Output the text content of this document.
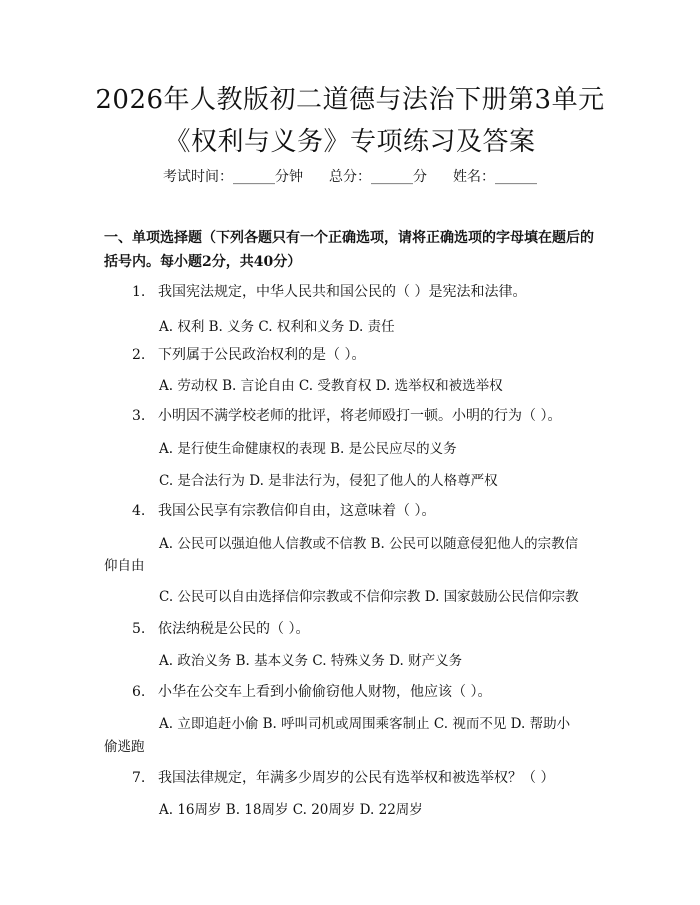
2026年人教版初二道德与法治下册第3单元
《权利与义务》专项练习及答案
考试时间：______分钟 总分：______分 姓名：______
一、单项选择题（下列各题只有一个正确选项，请将正确选项的字母填在题后的
括号内。每小题2分，共40分）
1. 我国宪法规定，中华人民共和国公民的（ ）是宪法和法律。
A. 权利 B. 义务 C. 权利和义务 D. 责任
2. 下列属于公民政治权利的是（ ）。
A. 劳动权 B. 言论自由 C. 受教育权 D. 选举权和被选举权
3. 小明因不满学校老师的批评，将老师殴打一顿。小明的行为（ ）。
A. 是行使生命健康权的表现 B. 是公民应尽的义务
C. 是合法行为 D. 是非法行为，侵犯了他人的人格尊严权
4. 我国公民享有宗教信仰自由，这意味着（ ）。
A. 公民可以强迫他人信教或不信教 B. 公民可以随意侵犯他人的宗教信
仰自由
C. 公民可以自由选择信仰宗教或不信仰宗教 D. 国家鼓励公民信仰宗教
5. 依法纳税是公民的（ ）。
A. 政治义务 B. 基本义务 C. 特殊义务 D. 财产义务
6. 小华在公交车上看到小偷偷窃他人财物，他应该（ ）。
A. 立即追赶小偷 B. 呼叫司机或周围乘客制止 C. 视而不见 D. 帮助小
偷逃跑
7. 我国法律规定，年满多少周岁的公民有选举权和被选举权？（ ）
A. 16周岁 B. 18周岁 C. 20周岁 D. 22周岁
